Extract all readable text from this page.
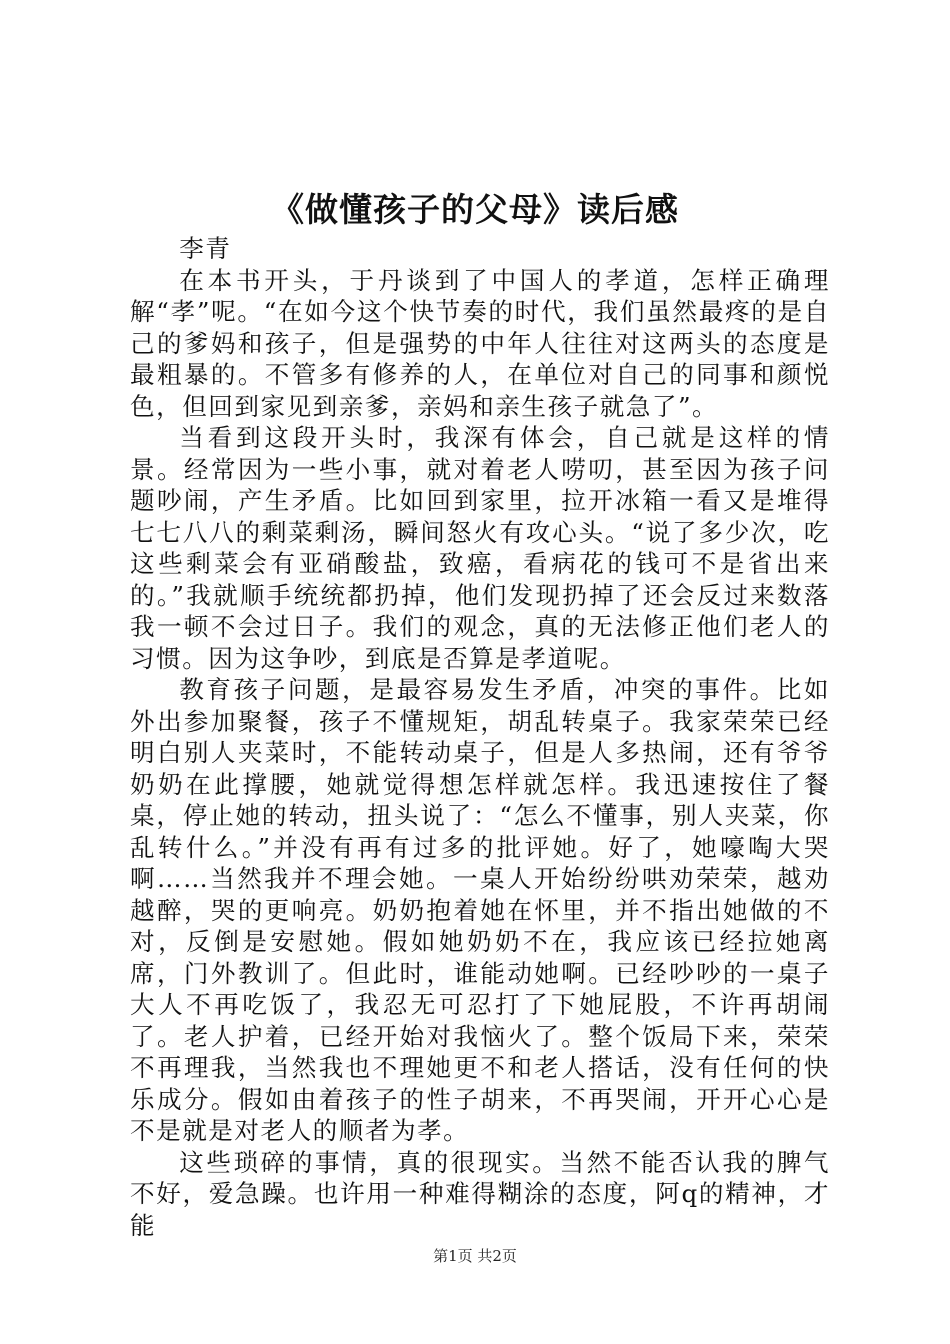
《做懂孩子的父母》读后感

李青

在本书开头，于丹谈到了中国人的孝道，怎样正确理解“孝”呢。“在如今这个快节奏的时代，我们虽然最疼的是自己的爹妈和孩子，但是强势的中年人往往对这两头的态度是最粗暴的。不管多有修养的人，在单位对自己的同事和颜悦色，但回到家见到亲爹，亲妈和亲生孩子就急了”。

当看到这段开头时，我深有体会，自己就是这样的情景。经常因为一些小事，就对着老人唠叨，甚至因为孩子问题吵闹，产生矛盾。比如回到家里，拉开冰箱一看又是堆得七七八八的剩菜剩汤，瞬间怒火有攻心头。“说了多少次，吃这些剩菜会有亚硝酸盐，致癌，看病花的钱可不是省出来的。”我就顺手统统都扔掉，他们发现扔掉了还会反过来数落我一顿不会过日子。我们的观念，真的无法修正他们老人的习惯。因为这争吵，到底是否算是孝道呢。

教育孩子问题，是最容易发生矛盾，冲突的事件。比如外出参加聚餐，孩子不懂规矩，胡乱转桌子。我家荣荣已经明白别人夹菜时，不能转动桌子，但是人多热闹，还有爷爷奶奶在此撑腰，她就觉得想怎样就怎样。我迅速按住了餐桌，停止她的转动，扭头说了：“怎么不懂事，别人夹菜，你乱转什么。”并没有再有过多的批评她。好了，她嚎啕大哭啊……当然我并不理会她。一桌人开始纷纷哄劝荣荣，越劝越醉，哭的更响亮。奶奶抱着她在怀里，并不指出她做的不对，反倒是安慰她。假如她奶奶不在，我应该已经拉她离席，门外教训了。但此时，谁能动她啊。已经吵吵的一桌子大人不再吃饭了，我忍无可忍打了下她屁股，不许再胡闹了。老人护着，已经开始对我恼火了。整个饭局下来，荣荣不再理我，当然我也不理她更不和老人搭话，没有任何的快乐成分。假如由着孩子的性子胡来，不再哭闹，开开心心是不是就是对老人的顺者为孝。

这些琐碎的事情，真的很现实。当然不能否认我的脾气不好，爱急躁。也许用一种难得糊涂的态度，阿q的精神，才能

第1页 共2页
